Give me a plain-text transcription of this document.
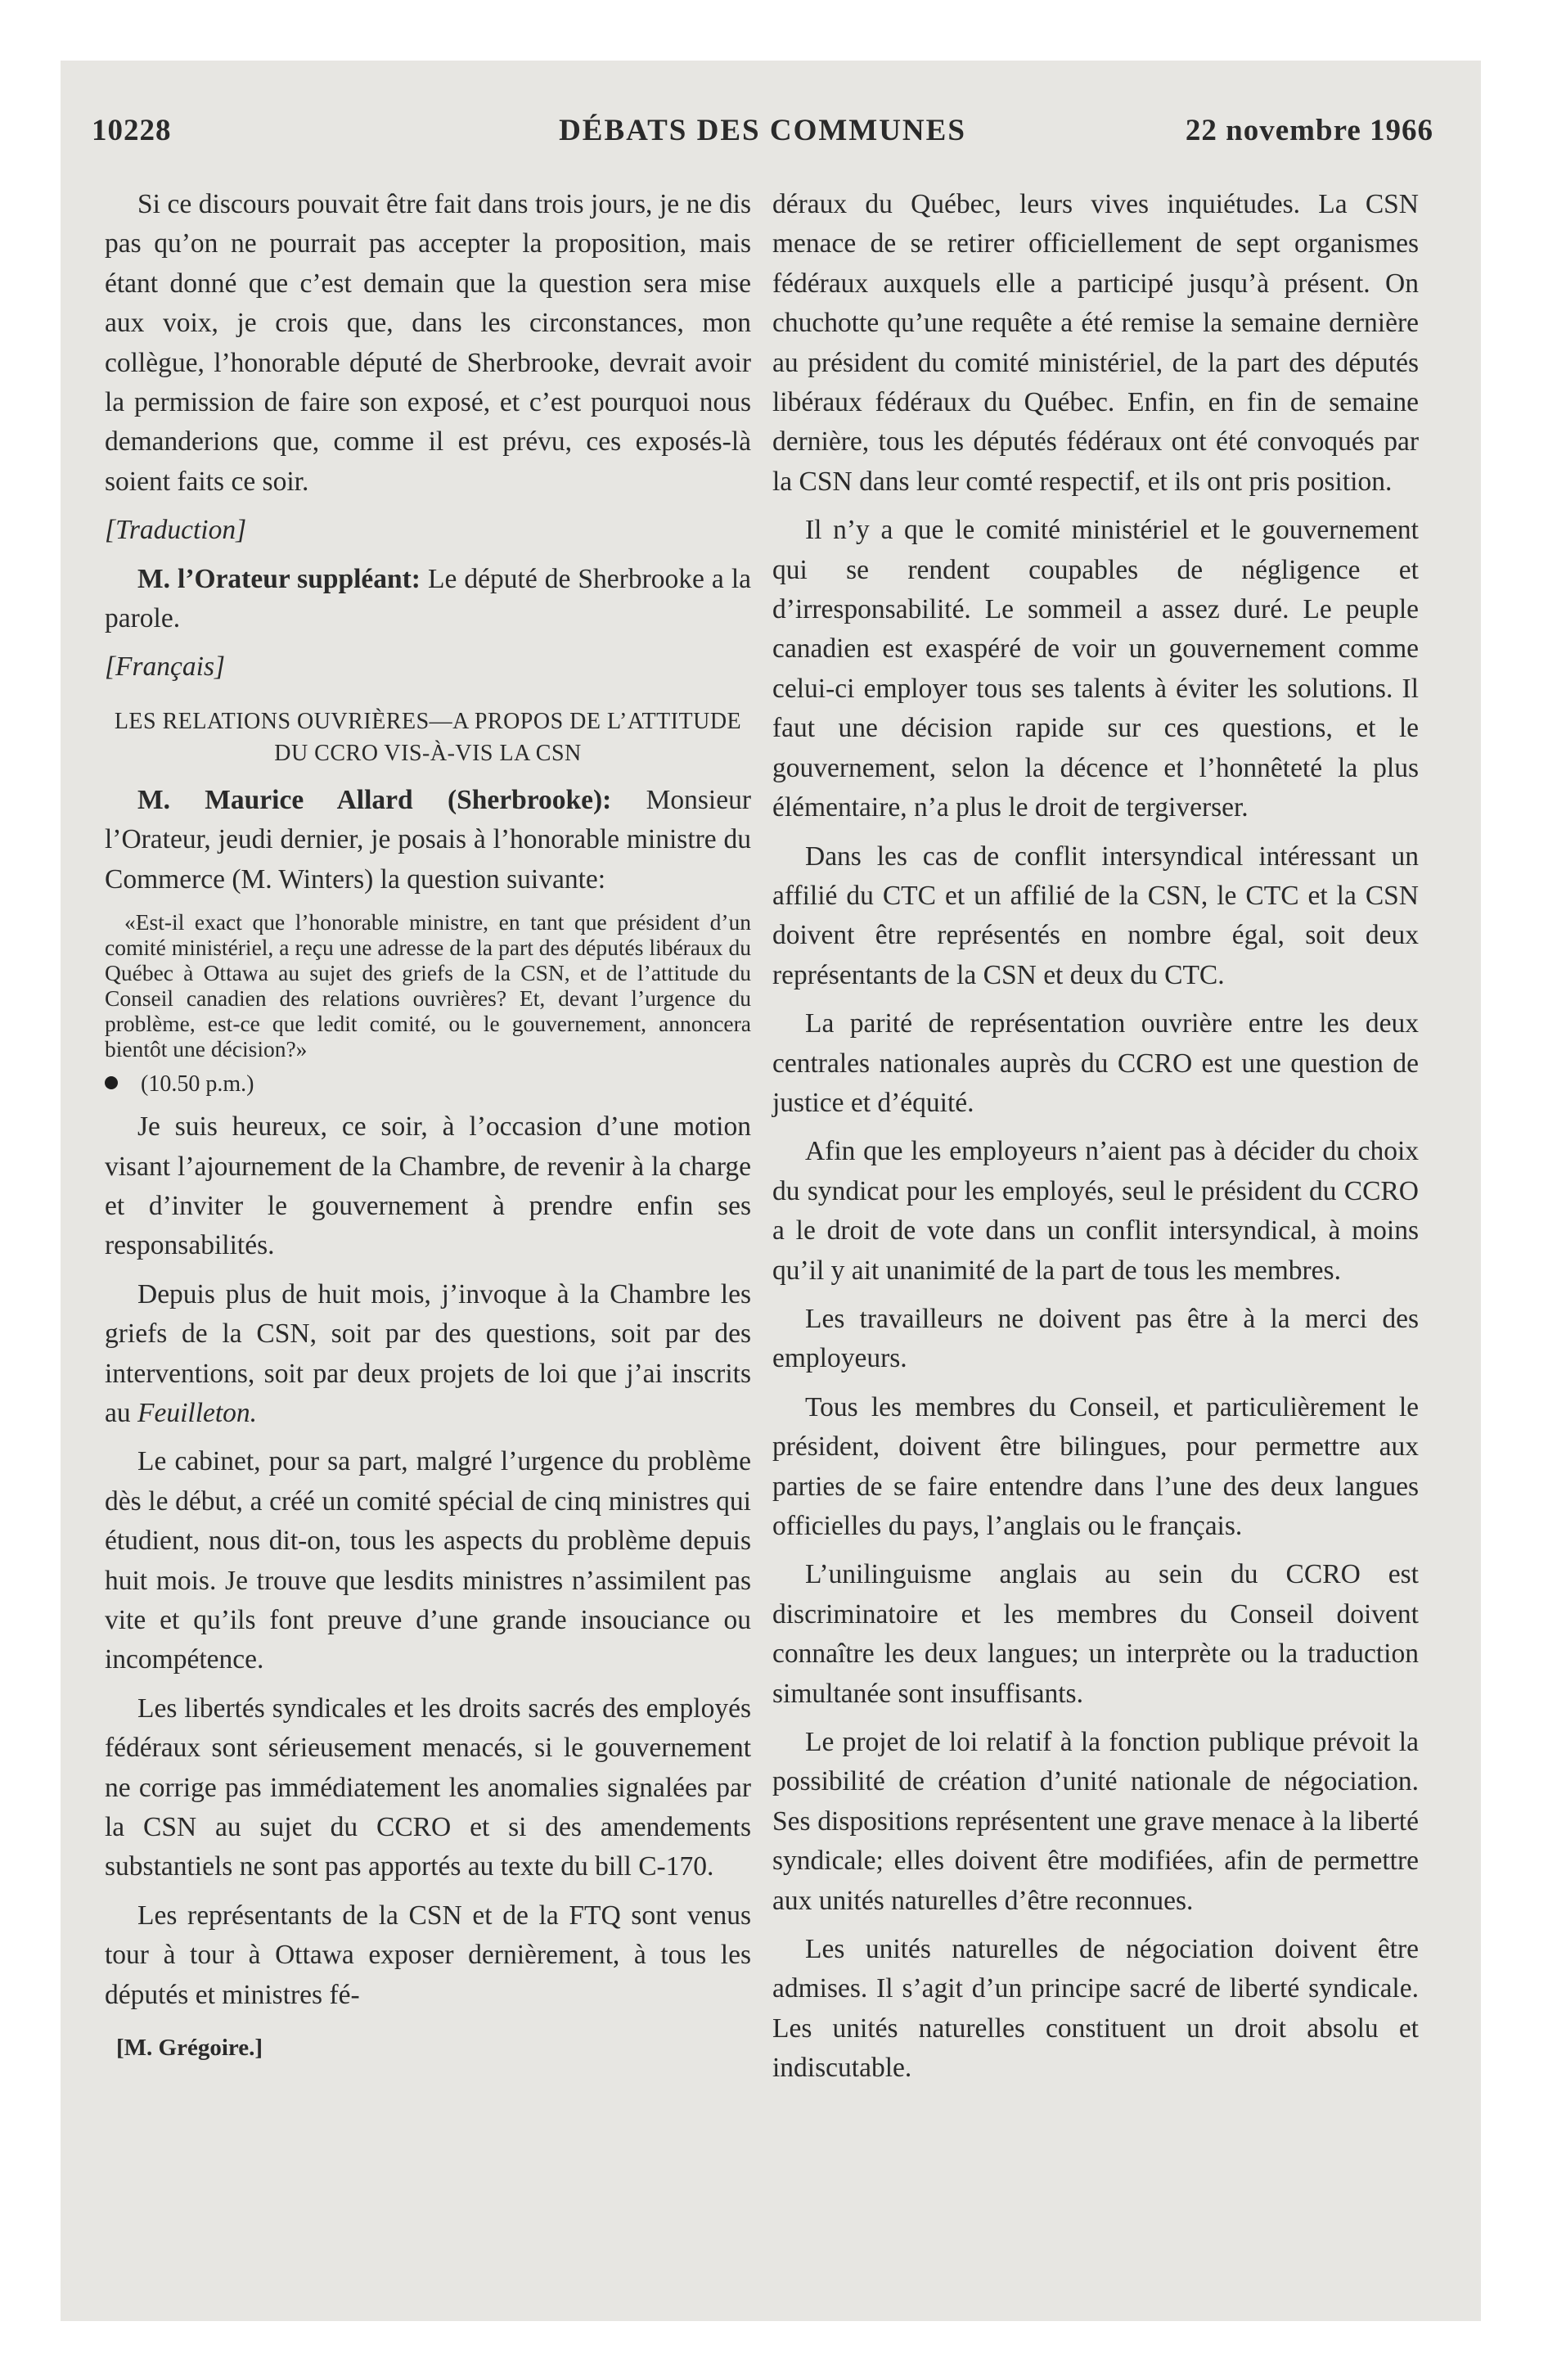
10228	DÉBATS DES COMMUNES	22 novembre 1966

Si ce discours pouvait être fait dans trois jours, je ne dis pas qu’on ne pourrait pas accepter la proposition, mais étant donné que c’est demain que la question sera mise aux voix, je crois que, dans les circonstances, mon collègue, l’honorable député de Sherbrooke, devrait avoir la permission de faire son exposé, et c’est pourquoi nous demanderions que, comme il est prévu, ces exposés-là soient faits ce soir.

[Traduction]

M. l’Orateur suppléant: Le député de Sherbrooke a la parole.

[Français]

LES RELATIONS OUVRIÈRES—A PROPOS DE L’ATTITUDE DU CCRO VIS-À-VIS LA CSN

M. Maurice Allard (Sherbrooke): Monsieur l’Orateur, jeudi dernier, je posais à l’honorable ministre du Commerce (M. Winters) la question suivante:

«Est-il exact que l’honorable ministre, en tant que président d’un comité ministériel, a reçu une adresse de la part des députés libéraux du Québec à Ottawa au sujet des griefs de la CSN, et de l’attitude du Conseil canadien des relations ouvrières? Et, devant l’urgence du problème, est-ce que ledit comité, ou le gouvernement, annoncera bientôt une décision?»

(10.50 p.m.)

Je suis heureux, ce soir, à l’occasion d’une motion visant l’ajournement de la Chambre, de revenir à la charge et d’inviter le gouvernement à prendre enfin ses responsabilités.

Depuis plus de huit mois, j’invoque à la Chambre les griefs de la CSN, soit par des questions, soit par des interventions, soit par deux projets de loi que j’ai inscrits au Feuilleton.

Le cabinet, pour sa part, malgré l’urgence du problème dès le début, a créé un comité spécial de cinq ministres qui étudient, nous dit-on, tous les aspects du problème depuis huit mois. Je trouve que lesdits ministres n’assimilent pas vite et qu’ils font preuve d’une grande insouciance ou incompétence.

Les libertés syndicales et les droits sacrés des employés fédéraux sont sérieusement menacés, si le gouvernement ne corrige pas immédiatement les anomalies signalées par la CSN au sujet du CCRO et si des amendements substantiels ne sont pas apportés au texte du bill C-170.

Les représentants de la CSN et de la FTQ sont venus tour à tour à Ottawa exposer dernièrement, à tous les députés et ministres fé-

[M. Grégoire.]

déraux du Québec, leurs vives inquiétudes. La CSN menace de se retirer officiellement de sept organismes fédéraux auxquels elle a participé jusqu’à présent. On chuchotte qu’une requête a été remise la semaine dernière au président du comité ministériel, de la part des députés libéraux fédéraux du Québec. Enfin, en fin de semaine dernière, tous les députés fédéraux ont été convoqués par la CSN dans leur comté respectif, et ils ont pris position.

Il n’y a que le comité ministériel et le gouvernement qui se rendent coupables de négligence et d’irresponsabilité. Le sommeil a assez duré. Le peuple canadien est exaspéré de voir un gouvernement comme celui-ci employer tous ses talents à éviter les solutions. Il faut une décision rapide sur ces questions, et le gouvernement, selon la décence et l’honnêteté la plus élémentaire, n’a plus le droit de tergiverser.

Dans les cas de conflit intersyndical intéressant un affilié du CTC et un affilié de la CSN, le CTC et la CSN doivent être représentés en nombre égal, soit deux représentants de la CSN et deux du CTC.

La parité de représentation ouvrière entre les deux centrales nationales auprès du CCRO est une question de justice et d’équité.

Afin que les employeurs n’aient pas à décider du choix du syndicat pour les employés, seul le président du CCRO a le droit de vote dans un conflit intersyndical, à moins qu’il y ait unanimité de la part de tous les membres.

Les travailleurs ne doivent pas être à la merci des employeurs.

Tous les membres du Conseil, et particulièrement le président, doivent être bilingues, pour permettre aux parties de se faire entendre dans l’une des deux langues officielles du pays, l’anglais ou le français.

L’unilinguisme anglais au sein du CCRO est discriminatoire et les membres du Conseil doivent connaître les deux langues; un interprète ou la traduction simultanée sont insuffisants.

Le projet de loi relatif à la fonction publique prévoit la possibilité de création d’unité nationale de négociation. Ses dispositions représentent une grave menace à la liberté syndicale; elles doivent être modifiées, afin de permettre aux unités naturelles d’être reconnues.

Les unités naturelles de négociation doivent être admises. Il s’agit d’un principe sacré de liberté syndicale. Les unités naturelles constituent un droit absolu et indiscutable.
